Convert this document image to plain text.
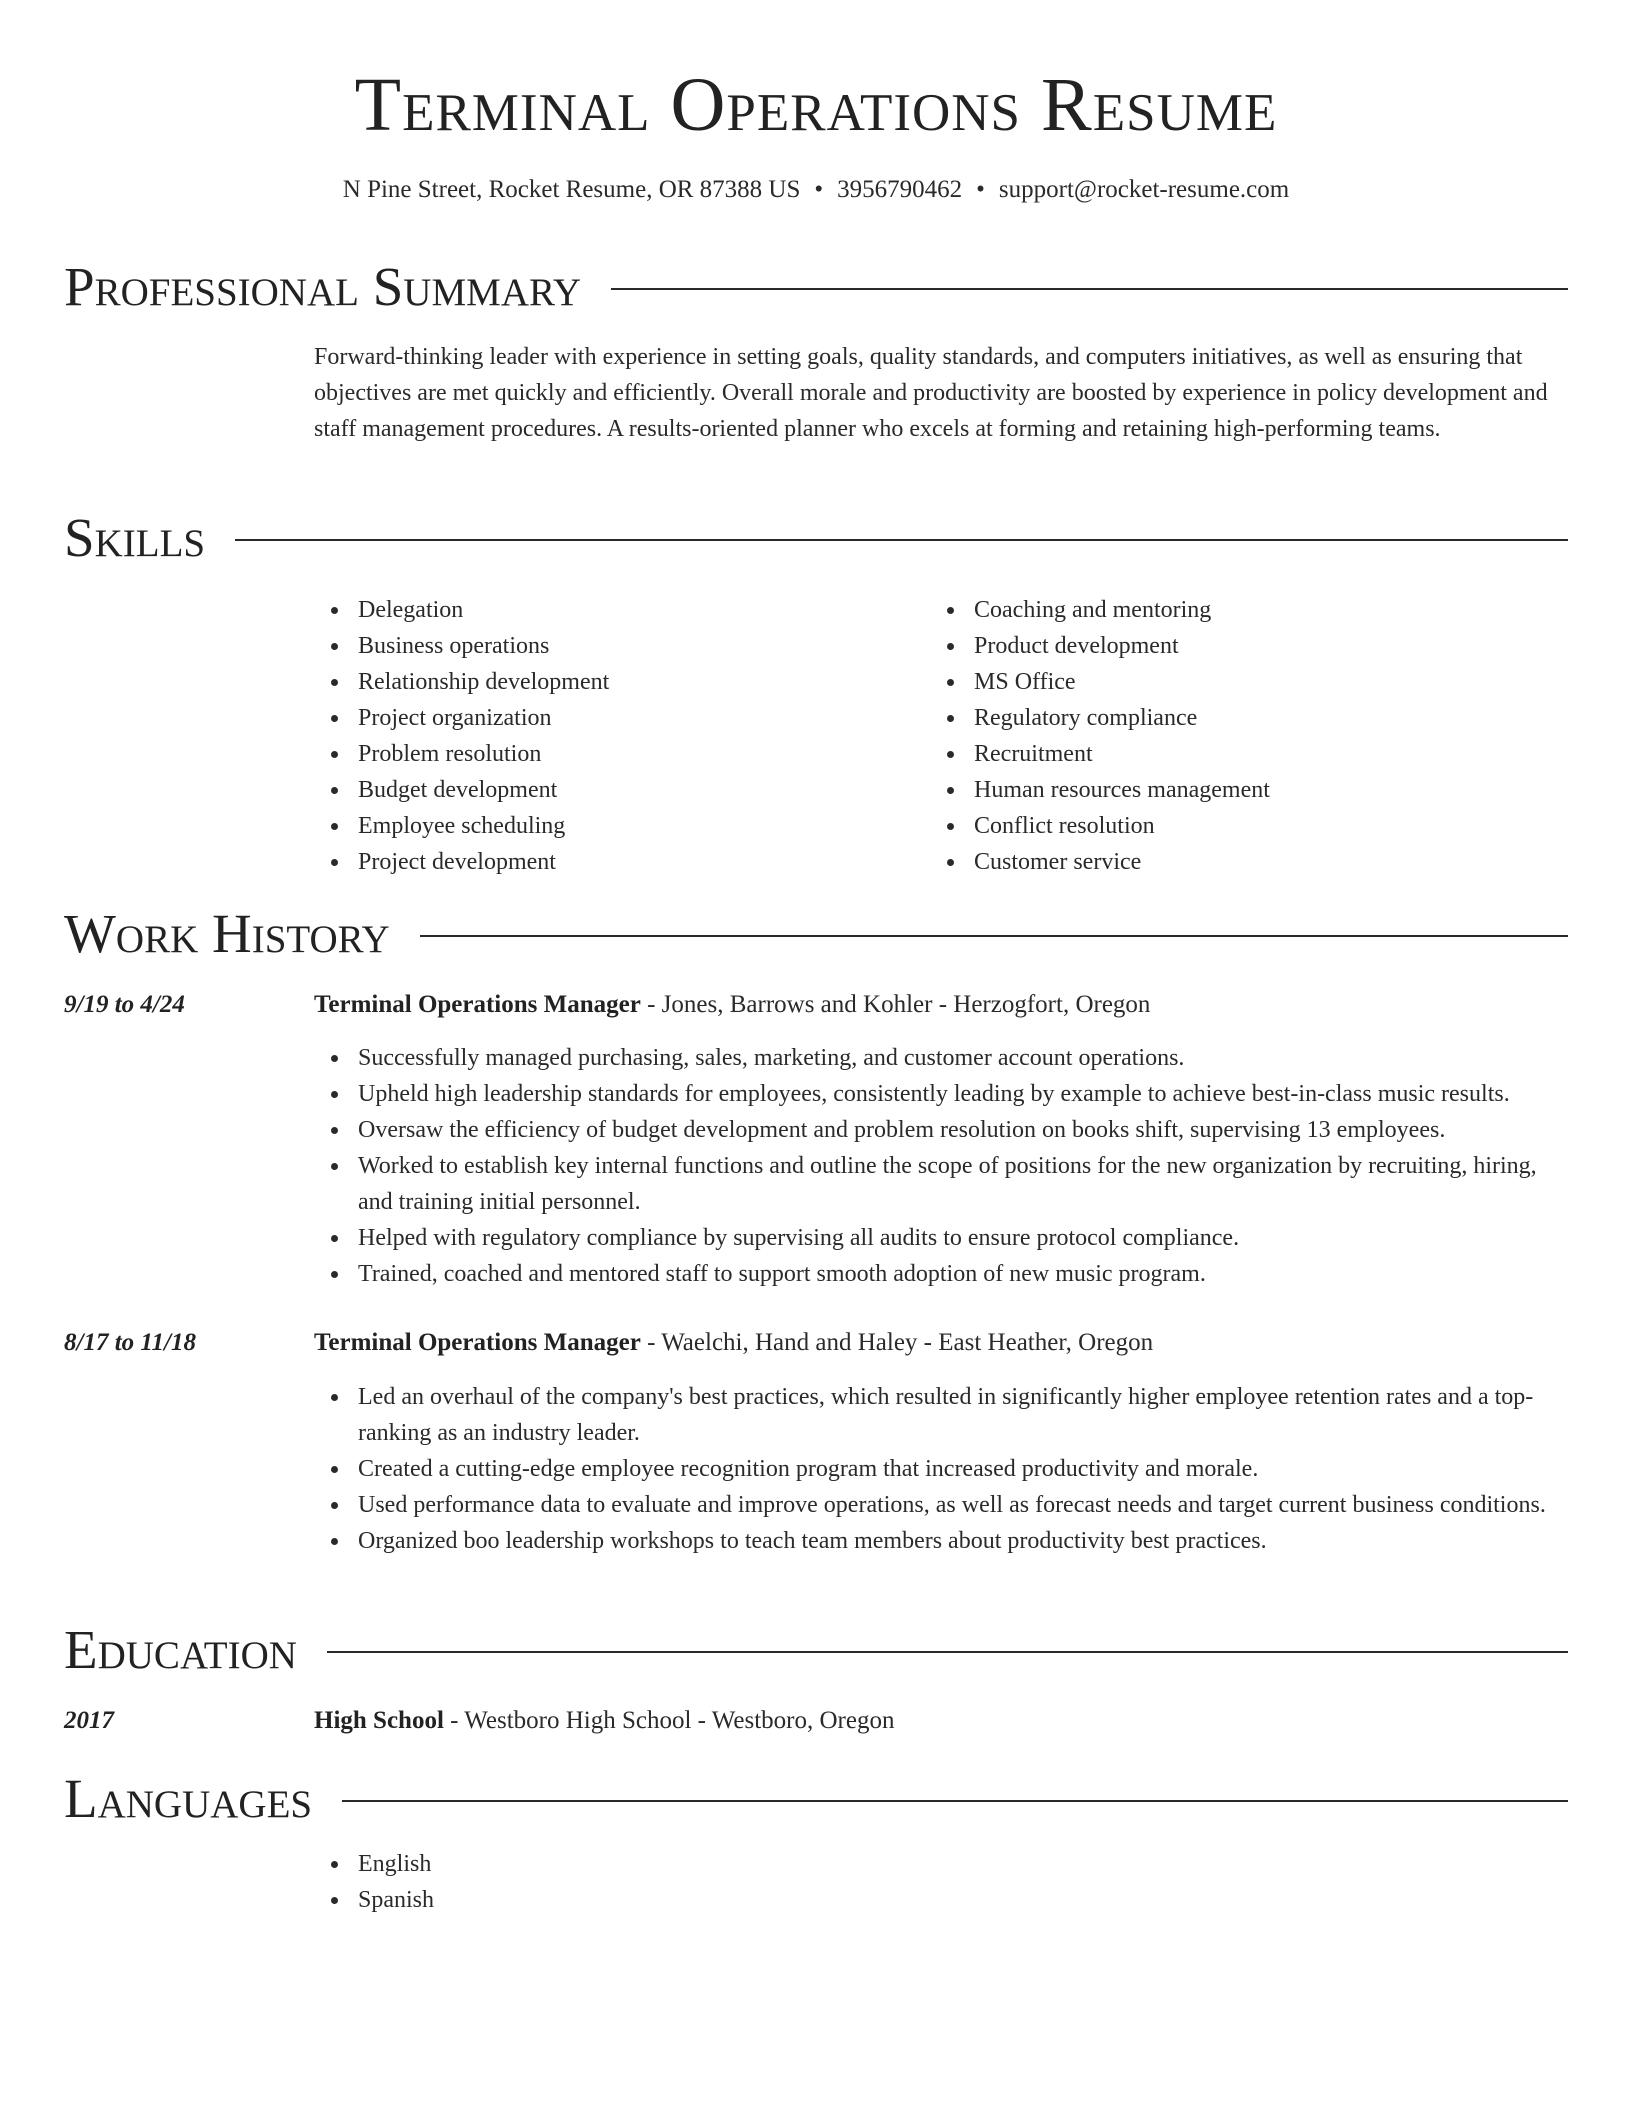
Terminal Operations Resume
N Pine Street, Rocket Resume, OR 87388 US • 3956790462 • support@rocket-resume.com
Professional Summary

Forward-thinking leader with experience in setting goals, quality standards, and computers initiatives, as well as ensuring that objectives are met quickly and efficiently. Overall morale and productivity are boosted by experience in policy development and staff management procedures. A results-oriented planner who excels at forming and retaining high-performing teams.

Skills
Delegation
Business operations
Relationship development
Project organization
Problem resolution
Budget development
Employee scheduling
Project development
Coaching and mentoring
Product development
MS Office
Regulatory compliance
Recruitment
Human resources management
Conflict resolution
Customer service
Work History
9/19 to 4/24	Terminal Operations Manager - Jones, Barrows and Kohler - Herzogfort, Oregon
Successfully managed purchasing, sales, marketing, and customer account operations.
Upheld high leadership standards for employees, consistently leading by example to achieve best-in-class music results.
Oversaw the efficiency of budget development and problem resolution on books shift, supervising 13 employees.
Worked to establish key internal functions and outline the scope of positions for the new organization by recruiting, hiring, and training initial personnel.
Helped with regulatory compliance by supervising all audits to ensure protocol compliance.
Trained, coached and mentored staff to support smooth adoption of new music program.
8/17 to 11/18	Terminal Operations Manager - Waelchi, Hand and Haley - East Heather, Oregon
Led an overhaul of the company's best practices, which resulted in significantly higher employee retention rates and a top-ranking as an industry leader.
Created a cutting-edge employee recognition program that increased productivity and morale.
Used performance data to evaluate and improve operations, as well as forecast needs and target current business conditions.
Organized boo leadership workshops to teach team members about productivity best practices.
Education
2017	High School - Westboro High School - Westboro, Oregon
Languages
English
Spanish
